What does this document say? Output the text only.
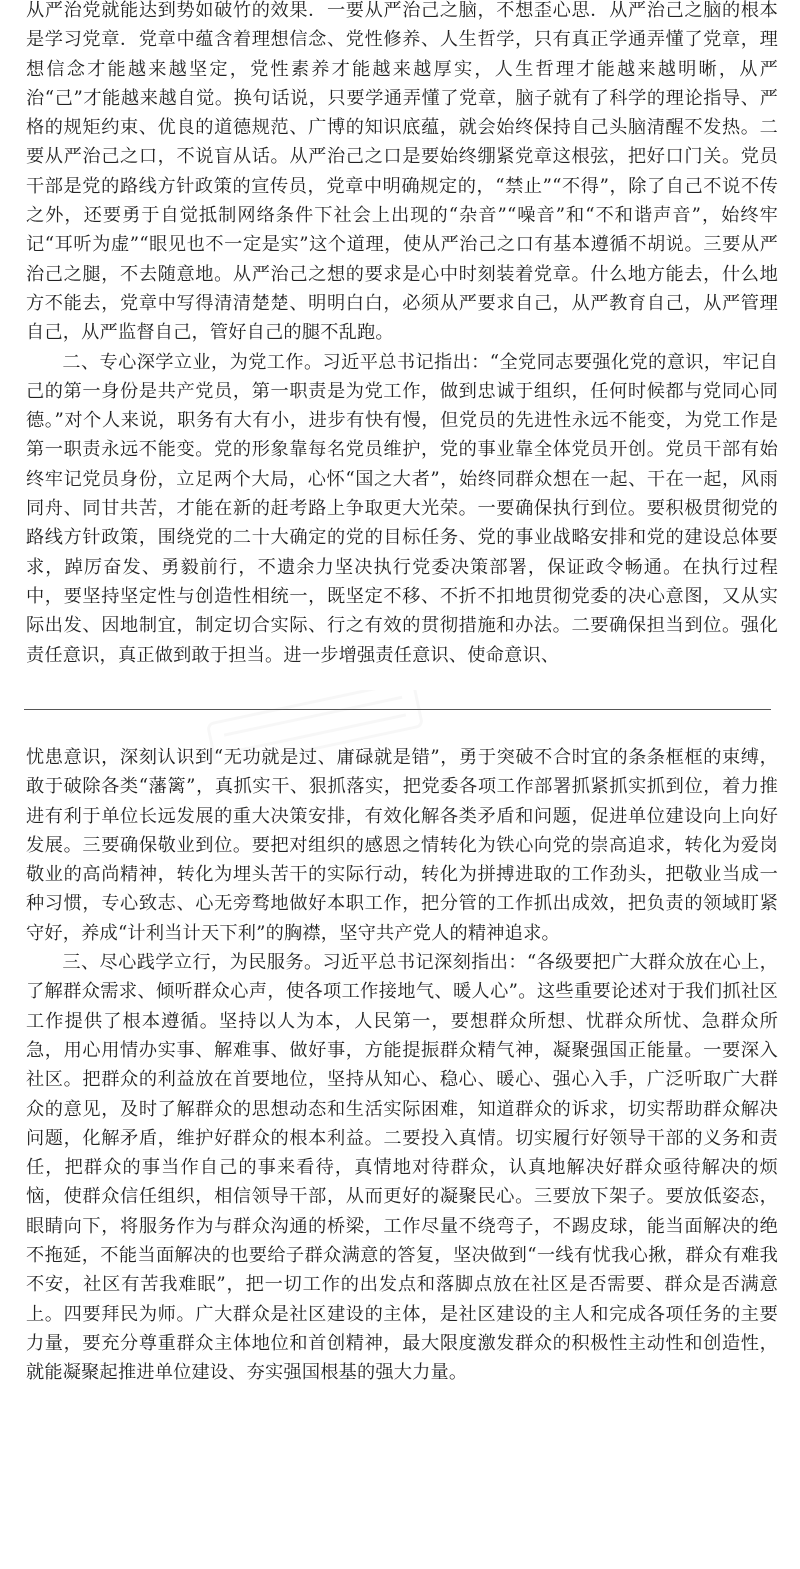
从严治党就能达到势如破竹的效果．一要从严治己之脑，不想歪心思．从严治己之脑的根本是学习党章．党章中蕴含着理想信念、党性修养、人生哲学，只有真正学通弄懂了党章，理想信念才能越来越坚定，党性素养才能越来越厚实，人生哲理才能越来越明晰，从严治“己”才能越来越自觉。换句话说，只要学通弄懂了党章，脑子就有了科学的理论指导、严格的规矩约束、优良的道德规范、广博的知识底蕴，就会始终保持自己头脑清醒不发热。二要从严治己之口，不说盲从话。从严治己之口是要始终绷紧党章这根弦，把好口门关。党员干部是党的路线方针政策的宣传员，党章中明确规定的，“禁止”“不得”，除了自己不说不传之外，还要勇于自觉抵制网络条件下社会上出现的“杂音”“噪音”和“不和谐声音”，始终牢记“耳听为虚”“眼见也不一定是实”这个道理，使从严治己之口有基本遵循不胡说。三要从严治己之腿，不去随意地。从严治己之想的要求是心中时刻装着党章。什么地方能去，什么地方不能去，党章中写得清清楚楚、明明白白，必须从严要求自己，从严教育自己，从严管理自己，从严监督自己，管好自己的腿不乱跑。

二、专心深学立业，为党工作。习近平总书记指出：“全党同志要强化党的意识，牢记自己的第一身份是共产党员，第一职责是为党工作，做到忠诚于组织，任何时候都与党同心同德。”对个人来说，职务有大有小，进步有快有慢，但党员的先进性永远不能变，为党工作是第一职责永远不能变。党的形象靠每名党员维护，党的事业靠全体党员开创。党员干部有始终牢记党员身份，立足两个大局，心怀“国之大者”，始终同群众想在一起、干在一起，风雨同舟、同甘共苦，才能在新的赶考路上争取更大光荣。一要确保执行到位。要积极贯彻党的路线方针政策，围绕党的二十大确定的党的目标任务、党的事业战略安排和党的建设总体要求，踔厉奋发、勇毅前行，不遗余力坚决执行党委决策部署，保证政令畅通。在执行过程中，要坚持坚定性与创造性相统一，既坚定不移、不折不扣地贯彻党委的决心意图，又从实际出发、因地制宜，制定切合实际、行之有效的贯彻措施和办法。二要确保担当到位。强化责任意识，真正做到敢于担当。进一步增强责任意识、使命意识、

忧患意识，深刻认识到“无功就是过、庸碌就是错”，勇于突破不合时宜的条条框框的束缚，敢于破除各类“藩篱”，真抓实干、狠抓落实，把党委各项工作部署抓紧抓实抓到位，着力推进有利于单位长远发展的重大决策安排，有效化解各类矛盾和问题，促进单位建设向上向好发展。三要确保敬业到位。要把对组织的感恩之情转化为铁心向党的崇高追求，转化为爱岗敬业的高尚精神，转化为埋头苦干的实际行动，转化为拼搏进取的工作劲头，把敬业当成一种习惯，专心致志、心无旁骛地做好本职工作，把分管的工作抓出成效，把负责的领域盯紧守好，养成“计利当计天下利”的胸襟，坚守共产党人的精神追求。

三、尽心践学立行，为民服务。习近平总书记深刻指出：“各级要把广大群众放在心上，了解群众需求、倾听群众心声，使各项工作接地气、暖人心”。这些重要论述对于我们抓社区工作提供了根本遵循。坚持以人为本，人民第一，要想群众所想、忧群众所忧、急群众所急，用心用情办实事、解难事、做好事，方能提振群众精气神，凝聚强国正能量。一要深入社区。把群众的利益放在首要地位，坚持从知心、稳心、暖心、强心入手，广泛听取广大群众的意见，及时了解群众的思想动态和生活实际困难，知道群众的诉求，切实帮助群众解决问题，化解矛盾，维护好群众的根本利益。二要投入真情。切实履行好领导干部的义务和责任，把群众的事当作自己的事来看待，真情地对待群众，认真地解决好群众亟待解决的烦恼，使群众信任组织，相信领导干部，从而更好的凝聚民心。三要放下架子。要放低姿态，眼睛向下，将服务作为与群众沟通的桥梁，工作尽量不绕弯子，不踢皮球，能当面解决的绝不拖延，不能当面解决的也要给子群众满意的答复，坚决做到“一线有忧我心揪，群众有难我不安，社区有苦我难眠”，把一切工作的出发点和落脚点放在社区是否需要、群众是否满意上。四要拜民为师。广大群众是社区建设的主体，是社区建设的主人和完成各项任务的主要力量，要充分尊重群众主体地位和首创精神，最大限度激发群众的积极性主动性和创造性，就能凝聚起推进单位建设、夯实强国根基的强大力量。
